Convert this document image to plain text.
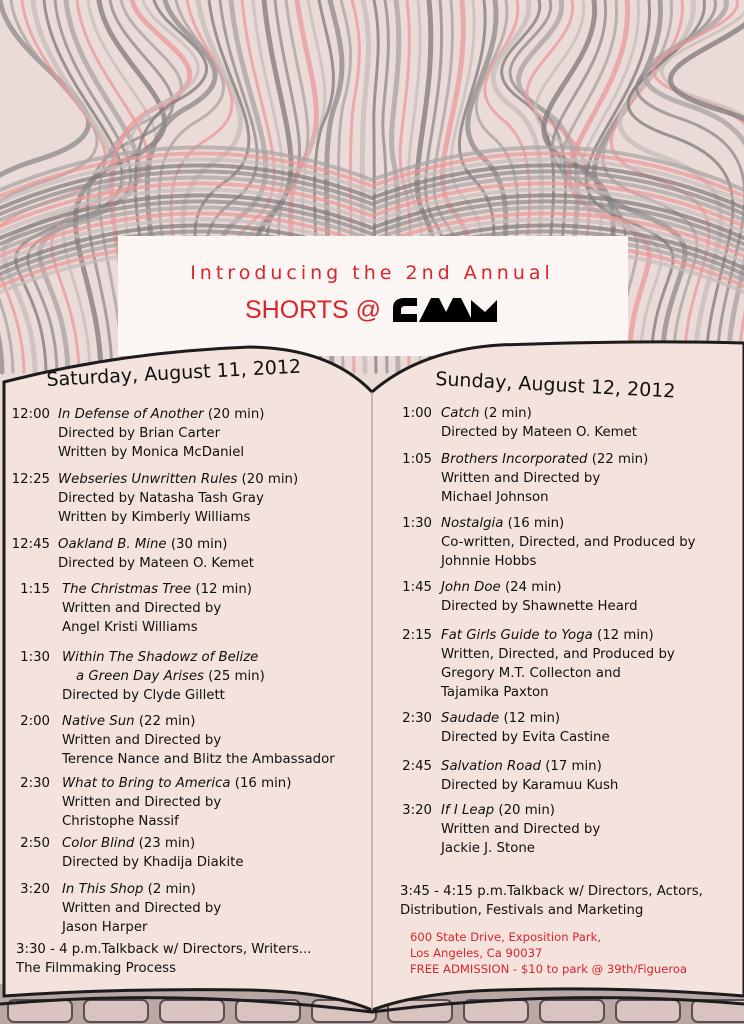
Introducing the 2nd Annual
SHORTS @
Saturday, August 11, 2012	Sunday, August 12, 2012
12:00 In Defense of Another (20 min)
Directed by Brian Carter
Written by Monica McDaniel
12:25 Webseries Unwritten Rules (20 min)
Directed by Natasha Tash Gray
Written by Kimberly Williams
12:45 Oakland B. Mine (30 min)
Directed by Mateen O. Kemet
1:15 The Christmas Tree (12 min)
Written and Directed by
Angel Kristi Williams
1:30 Within The Shadowz of Belize
a Green Day Arises (25 min)
Directed by Clyde Gillett
2:00 Native Sun (22 min)
Written and Directed by
Terence Nance and Blitz the Ambassador
2:30 What to Bring to America (16 min)
Written and Directed by
Christophe Nassif
2:50 Color Blind (23 min)
Directed by Khadija Diakite
3:20 In This Shop (2 min)
Written and Directed by
Jason Harper
1:00 Catch (2 min)
Directed by Mateen O. Kemet
1:05 Brothers Incorporated (22 min)
Written and Directed by
Michael Johnson
1:30 Nostalgia (16 min)
Co-written, Directed, and Produced by
Johnnie Hobbs
1:45 John Doe (24 min)
Directed by Shawnette Heard
2:15 Fat Girls Guide to Yoga (12 min)
Written, Directed, and Produced by
Gregory M.T. Collecton and
Tajamika Paxton
2:30 Saudade (12 min)
Directed by Evita Castine
2:45 Salvation Road (17 min)
Directed by Karamuu Kush
3:20 If I Leap (20 min)
Written and Directed by
Jackie J. Stone
3:30 - 4 p.m.Talkback w/ Directors, Writers...
The Filmmaking Process
3:45 - 4:15 p.m.Talkback w/ Directors, Actors,
Distribution, Festivals and Marketing
600 State Drive, Exposition Park,
Los Angeles, Ca 90037
FREE ADMISSION - $10 to park @ 39th/Figueroa
